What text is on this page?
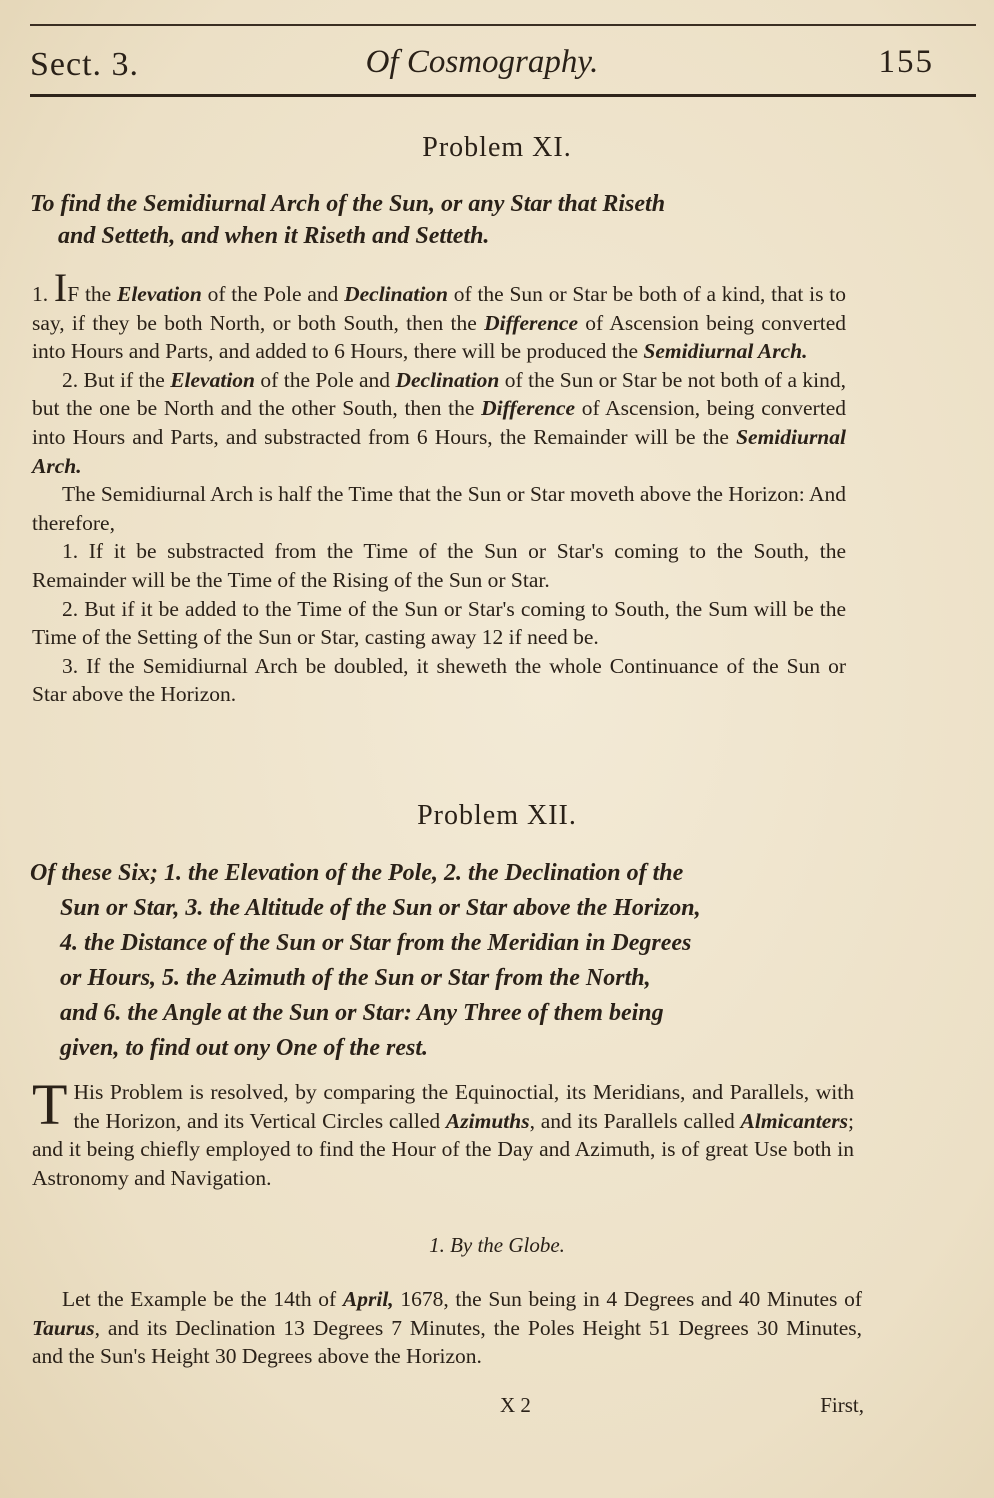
Sect. 3.	Of Cosmography.	155
Problem XI.
To find the Semidiurnal Arch of the Sun, or any Star that Riseth
and Setteth, and when it Riseth and Setteth.

1. IF the Elevation of the Pole and Declination of the Sun or Star be both of a kind, that is to say, if they be both North, or both South, then the Difference of Ascension being converted into Hours and Parts, and added to 6 Hours, there will be produced the Semidiurnal Arch.

2. But if the Elevation of the Pole and Declination of the Sun or Star be not both of a kind, but the one be North and the other South, then the Difference of Ascension, being converted into Hours and Parts, and substracted from 6 Hours, the Remainder will be the Semidiurnal Arch.

The Semidiurnal Arch is half the Time that the Sun or Star moveth above the Horizon: And therefore,

1. If it be substracted from the Time of the Sun or Star's coming to the South, the Remainder will be the Time of the Rising of the Sun or Star.

2. But if it be added to the Time of the Sun or Star's coming to South, the Sum will be the Time of the Setting of the Sun or Star, casting away 12 if need be.

3. If the Semidiurnal Arch be doubled, it sheweth the whole Continuance of the Sun or Star above the Horizon.

Problem XII.
Of these Six; 1. the Elevation of the Pole, 2. the Declination of the
Sun or Star, 3. the Altitude of the Sun or Star above the Horizon,
4. the Distance of the Sun or Star from the Meridian in Degrees
or Hours, 5. the Azimuth of the Sun or Star from the North,
and 6. the Angle at the Sun or Star: Any Three of them being
given, to find out ony One of the rest.

T His Problem is resolved, by comparing the Equinoctial, its Meridians, and Parallels, with the Horizon, and its Vertical Circles called Azimuths, and its Parallels called Almicanters; and it being chiefly employed to find the Hour of the Day and Azimuth, is of great Use both in Astronomy and Navigation.

1. By the Globe.

Let the Example be the 14th of April, 1678, the Sun being in 4 Degrees and 40 Minutes of Taurus, and its Declination 13 Degrees 7 Minutes, the Poles Height 51 Degrees 30 Minutes, and the Sun's Height 30 Degrees above the Horizon.

X 2	First,
